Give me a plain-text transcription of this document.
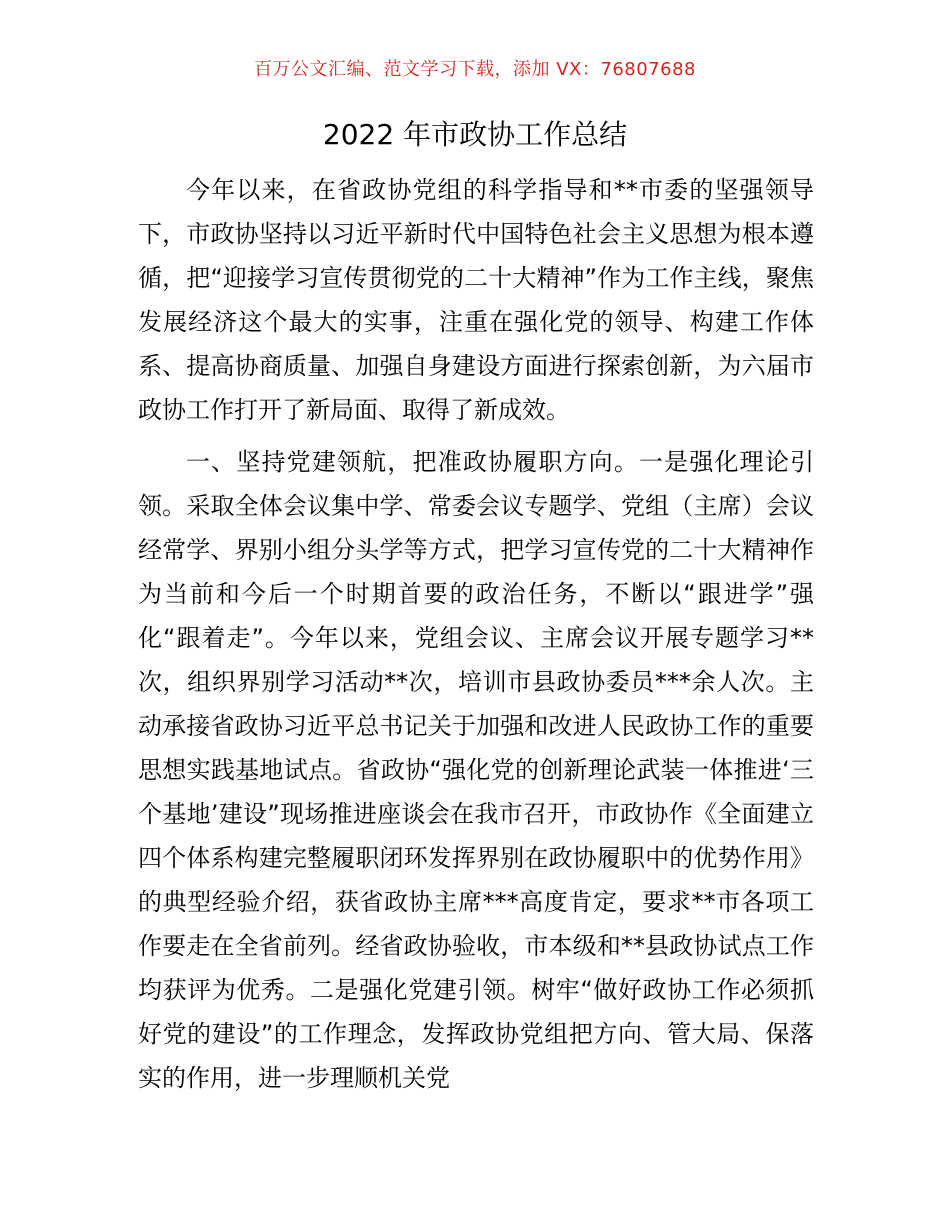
百万公文汇编、范文学习下载，添加 VX：76807688
2022 年市政协工作总结

今年以来，在省政协党组的科学指导和**市委的坚强领导下，市政协坚持以习近平新时代中国特色社会主义思想为根本遵循，把“迎接学习宣传贯彻党的二十大精神”作为工作主线，聚焦发展经济这个最大的实事，注重在强化党的领导、构建工作体系、提高协商质量、加强自身建设方面进行探索创新，为六届市政协工作打开了新局面、取得了新成效。

一、坚持党建领航，把准政协履职方向。一是强化理论引领。采取全体会议集中学、常委会议专题学、党组（主席）会议经常学、界别小组分头学等方式，把学习宣传党的二十大精神作为当前和今后一个时期首要的政治任务，不断以“跟进学”强化“跟着走”。今年以来，党组会议、主席会议开展专题学习**次，组织界别学习活动**次，培训市县政协委员***余人次。主动承接省政协习近平总书记关于加强和改进人民政协工作的重要思想实践基地试点。省政协“强化党的创新理论武装一体推进‘三个基地’建设”现场推进座谈会在我市召开，市政协作《全面建立四个体系构建完整履职闭环发挥界别在政协履职中的优势作用》的典型经验介绍，获省政协主席***高度肯定，要求**市各项工作要走在全省前列。经省政协验收，市本级和**县政协试点工作均获评为优秀。二是强化党建引领。树牢“做好政协工作必须抓好党的建设”的工作理念，发挥政协党组把方向、管大局、保落实的作用，进一步理顺机关党
